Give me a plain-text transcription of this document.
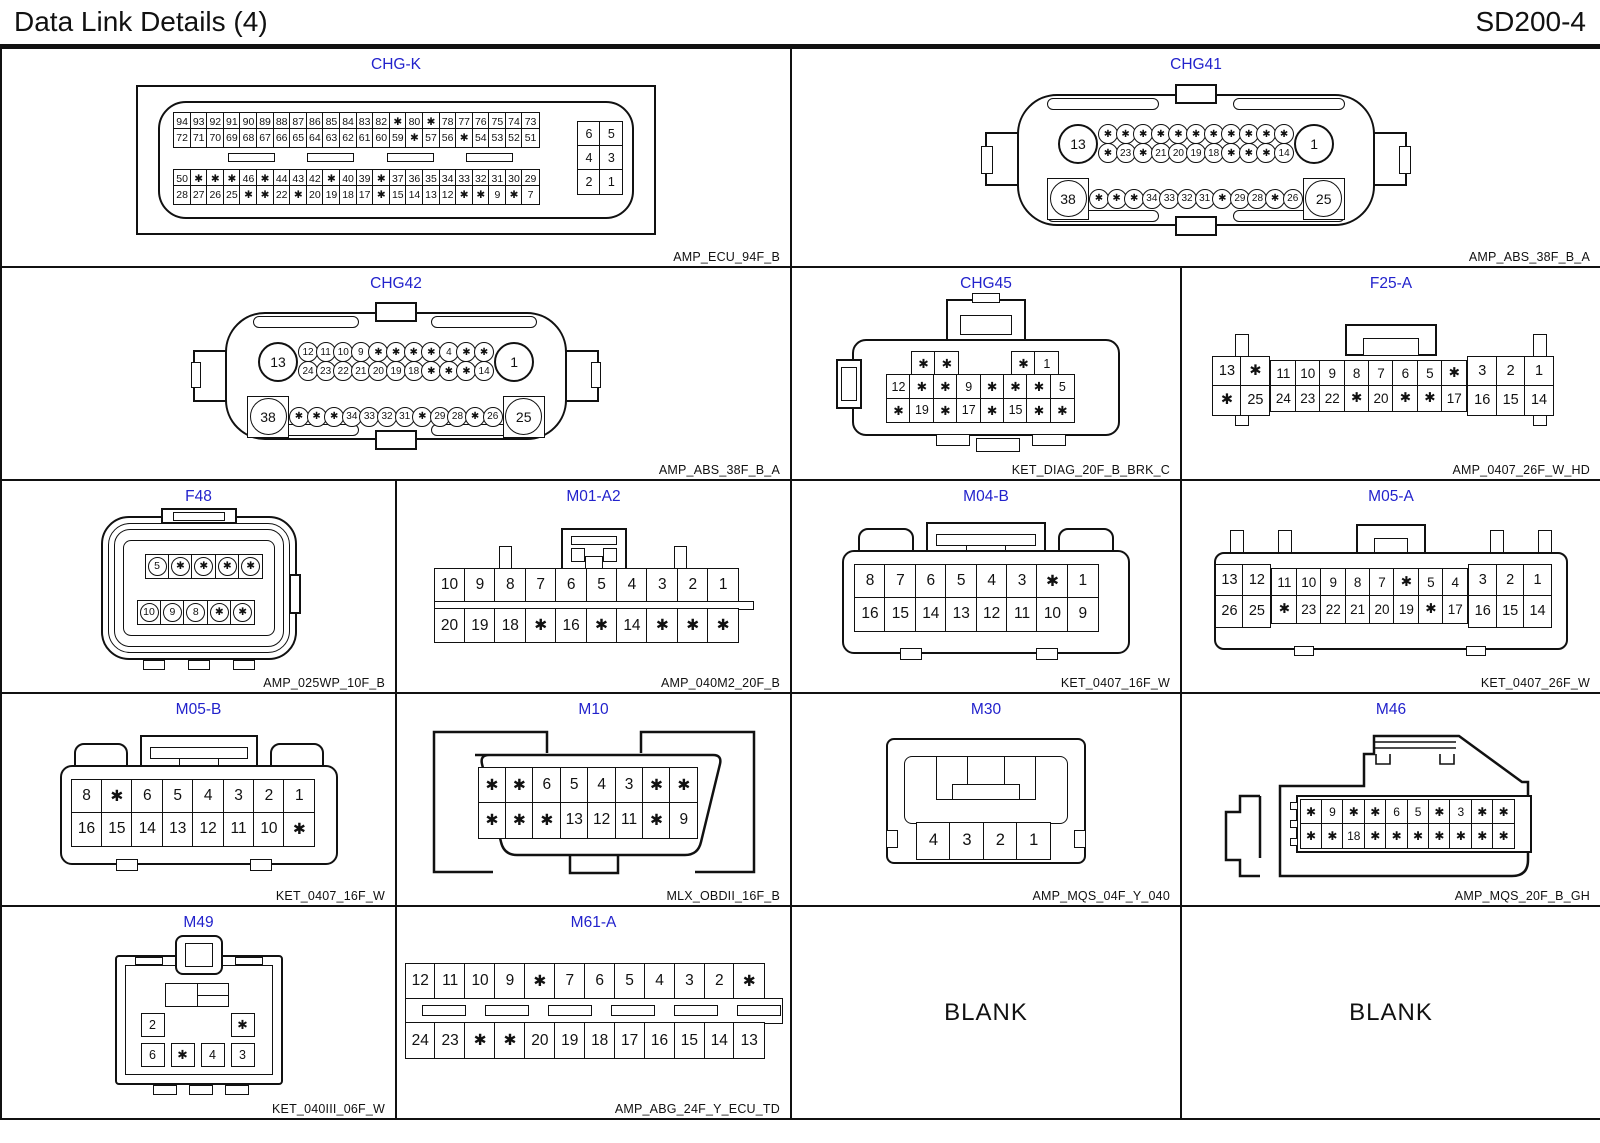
Data Link Details (4)	SD200-4
CHG-K
94 93 92 91 90 89 88 87 86 85 84 83 82 ✱ 80 ✱ 78 77 76 75 74 73
72 71 70 69 68 67 66 65 64 63 62 61 60 59 ✱ 57 56 ✱ 54 53 52 51
50 ✱ ✱ ✱ 46 ✱ 44 43 42 ✱ 40 39 ✱ 37 36 35 34 33 32 31 30 29
28 27 26 25 ✱ ✱ 22 ✱ 20 19 18 17 ✱ 15 14 13 12 ✱ ✱ 9 ✱ 7
6	5
4	3
2	1
AMP_ECU_94F_B
CHG41
13
✱ ✱ ✱ ✱ ✱ ✱ ✱ ✱ ✱ ✱ ✱
✱ 23 ✱ 21 20 19 18 ✱ ✱ ✱ 14
1
38	✱ ✱ ✱ 34 33 32 31 ✱ 29 28 ✱ 26	25
AMP_ABS_38F_B_A
CHG42
13
12 11 10 9	✱ ✱ ✱ ✱	4	✱ ✱
24 23 22 21 20 19 18 ✱ ✱ ✱ 14
1
38	✱ ✱ ✱ 34 33 32 31 ✱ 29 28 ✱ 26	25
AMP_ABS_38F_B_A
CHG45
✱	✱	✱	1
12 ✱	✱	9	✱	✱	✱	5
✱ 19 ✱ 17 ✱ 15 ✱	✱
KET_DIAG_20F_B_BRK_C
F25-A
13 ✱	11 10 9	8	7	6	5	✱	3	2	1
✱ 25 24 23 22 ✱ 20 ✱ ✱ 17 16 15 14
AMP_0407_26F_W_HD
F48
5	✱	✱	✱	✱
10	9	8	✱	✱
AMP_025WP_10F_B
M01-A2
10	9	8	7	6	5	4	3	2	1
20 19 18 ✱ 16 ✱ 14 ✱	✱	✱
AMP_040M2_20F_B
M04-B
8	7	6	5	4	3	✱	1
16 15 14 13 12 11 10	9
KET_0407_16F_W
M05-A
13 12 11 10 9	8	7	✱	5	4	3	2	1
26 25	✱ 23 22 21 20 19 ✱ 17 16 15 14
KET_0407_26F_W
M05-B
8	✱	6	5	4	3	2	1
16 15 14 13 12 11 10 ✱
KET_0407_16F_W
M10
✱ ✱	6	5	4	3	✱ ✱
✱ ✱ ✱ 13 12 11 ✱	9
MLX_OBDII_16F_B
M30
4	3	2	1
AMP_MQS_04F_Y_040
M46
✱	9	✱ ✱	6	5	✱	3	✱ ✱
✱ ✱ 18 ✱ ✱ ✱ ✱ ✱ ✱ ✱
AMP_MQS_20F_B_GH
M49
2	✱
6	✱	4	3
KET_040III_06F_W
M61-A
12 11 10	9	✱	7	6	5	4	3	2	✱
24 23 ✱	✱ 20 19 18 17 16 15 14 13
AMP_ABG_24F_Y_ECU_TD
BLANK	BLANK
